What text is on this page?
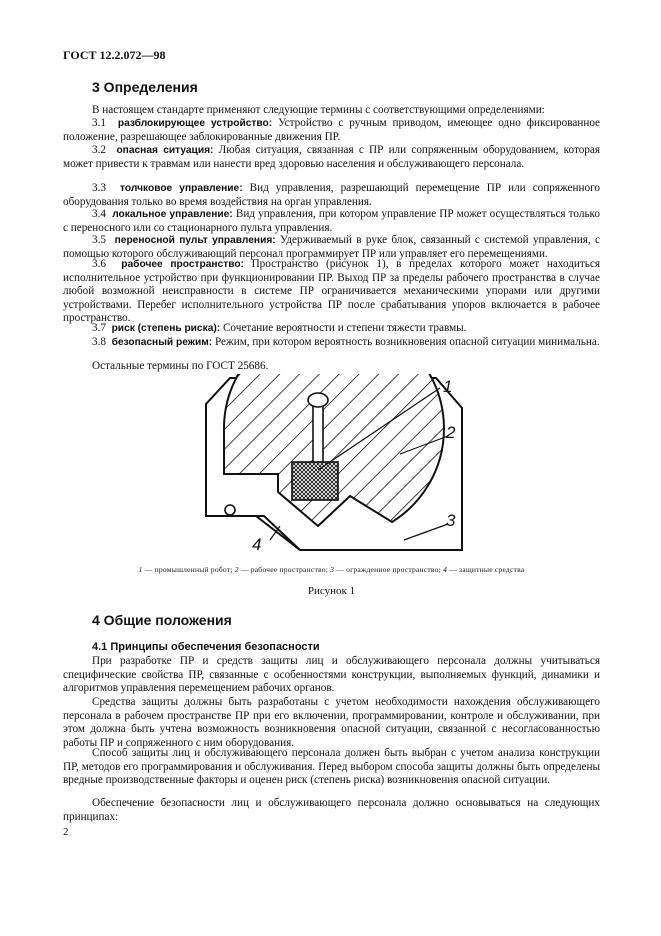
ГОСТ 12.2.072—98
3 Определения

В настоящем стандарте применяют следующие термины с соответствующими определениями:

3.1 разблокирующее устройство: Устройство с ручным приводом, имеющее одно фиксированное положение, разрешающее заблокированные движения ПР.

3.2 опасная ситуация: Любая ситуация, связанная с ПР или сопряженным оборудованием, которая может привести к травмам или нанести вред здоровью населения и обслуживающего персонала.

3.3 толчковое управление: Вид управления, разрешающий перемещение ПР или сопряженного оборудования только во время воздействия на орган управления.

3.4 локальное управление: Вид управления, при котором управление ПР может осуществляться только с переносного или со стационарного пульта управления.

3.5 переносной пульт управления: Удерживаемый в руке блок, связанный с системой управления, с помощью которого обслуживающий персонал программирует ПР или управляет его перемещениями.

3.6 рабочее пространство: Пространство (рисунок 1), в пределах которого может находиться исполнительное устройство при функционировании ПР. Выход ПР за пределы рабочего пространства в случае любой возможной неисправности в системе ПР ограничивается механическими упорами или другими устройствами. Перебег исполнительного устройства ПР после срабатывания упоров включается в рабочее пространство.

3.7 риск (степень риска): Сочетание вероятности и степени тяжести травмы.

3.8 безопасный режим: Режим, при котором вероятность возникновения опасной ситуации минимальна.

Остальные термины по ГОСТ 25686.

1
2
3
4
1 — промышленный робот; 2 — рабочее пространство; 3 — огражденное пространство; 4 — защитные средства
Рисунок 1
4 Общие положения
4.1 Принципы обеспечения безопасности

При разработке ПР и средств защиты лиц и обслуживающего персонала должны учитываться специфические свойства ПР, связанные с особенностями конструкции, выполняемых функций, динамики и алгоритмов управления перемещением рабочих органов.

Средства защиты должны быть разработаны с учетом необходимости нахождения обслуживающего персонала в рабочем пространстве ПР при его включении, программировании, контроле и обслуживании, при этом должна быть учтена возможность возникновения опасной ситуации, связанной с несогласованностью работы ПР и сопряженного с ним оборудования.

Способ защиты лиц и обслуживающего персонала должен быть выбран с учетом анализа конструкции ПР, методов его программирования и обслуживания. Перед выбором способа защиты должны быть определены вредные производственные факторы и оценен риск (степень риска) возникновения опасной ситуации.

Обеспечение безопасности лиц и обслуживающего персонала должно основываться на следующих принципах:

2
